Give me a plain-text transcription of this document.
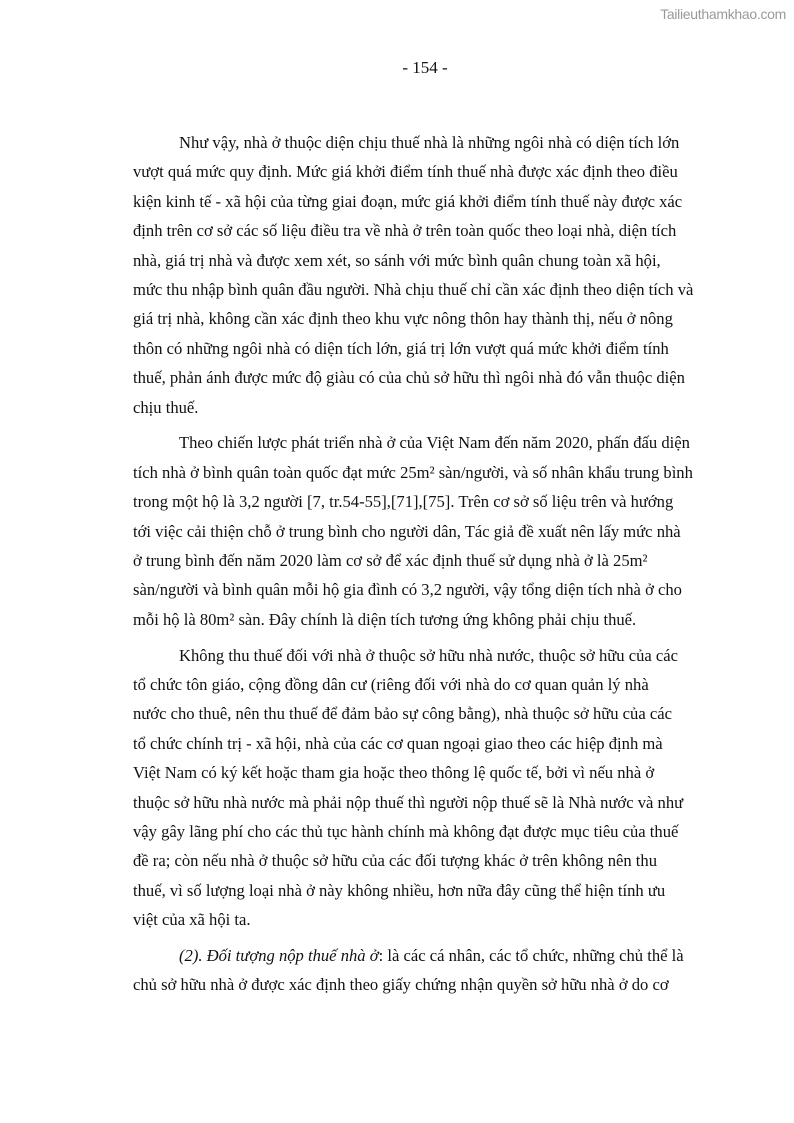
Tailieuthamkhao.com
- 154 -
Như vậy, nhà ở thuộc diện chịu thuế nhà là những ngôi nhà có diện tích lớn
vượt quá mức quy định. Mức giá khởi điểm tính thuế nhà được xác định theo điều
kiện kinh tế - xã hội của từng giai đoạn, mức giá khởi điểm tính thuế này được xác
định trên cơ sở các số liệu điều tra về nhà ở trên toàn quốc theo loại nhà, diện tích
nhà, giá trị nhà và được xem xét, so sánh với mức bình quân chung toàn xã hội,
mức thu nhập bình quân đầu người. Nhà chịu thuế chỉ cần xác định theo diện tích và
giá trị nhà, không cần xác định theo khu vực nông thôn hay thành thị, nếu ở nông
thôn có những ngôi nhà có diện tích lớn, giá trị lớn vượt quá mức khởi điểm tính
thuế, phản ánh được mức độ giàu có của chủ sở hữu thì ngôi nhà đó vẫn thuộc diện
chịu thuế.
Theo chiến lược phát triển nhà ở của Việt Nam đến năm 2020, phấn đấu diện
tích nhà ở bình quân toàn quốc đạt mức 25m² sàn/người, và số nhân khẩu trung bình
trong một hộ là 3,2 người [7, tr.54-55],[71],[75]. Trên cơ sở số liệu trên và hướng
tới việc cải thiện chỗ ở trung bình cho người dân, Tác giả đề xuất nên lấy mức nhà
ở trung bình đến năm 2020 làm cơ sở để xác định thuế sử dụng nhà ở là 25m²
sàn/người và bình quân mỗi hộ gia đình có 3,2 người, vậy tổng diện tích nhà ở cho
mỗi hộ là 80m² sàn. Đây chính là diện tích tương ứng không phải chịu thuế.
Không thu thuế đối với nhà ở thuộc sở hữu nhà nước, thuộc sở hữu của các
tổ chức tôn giáo, cộng đồng dân cư (riêng đối với nhà do cơ quan quản lý nhà
nước cho thuê, nên thu thuế để đảm bảo sự công bằng), nhà thuộc sở hữu của các
tổ chức chính trị - xã hội, nhà của các cơ quan ngoại giao theo các hiệp định mà
Việt Nam có ký kết hoặc tham gia hoặc theo thông lệ quốc tế, bởi vì nếu nhà ở
thuộc sở hữu nhà nước mà phải nộp thuế thì người nộp thuế sẽ là Nhà nước và như
vậy gây lãng phí cho các thủ tục hành chính mà không đạt được mục tiêu của thuế
đề ra; còn nếu nhà ở thuộc sở hữu của các đối tượng khác ở trên không nên thu
thuế, vì số lượng loại nhà ở này không nhiều, hơn nữa đây cũng thể hiện tính ưu
việt của xã hội ta.
(2). Đối tượng nộp thuế nhà ở: là các cá nhân, các tổ chức, những chủ thể là
chủ sở hữu nhà ở được xác định theo giấy chứng nhận quyền sở hữu nhà ở do cơ
